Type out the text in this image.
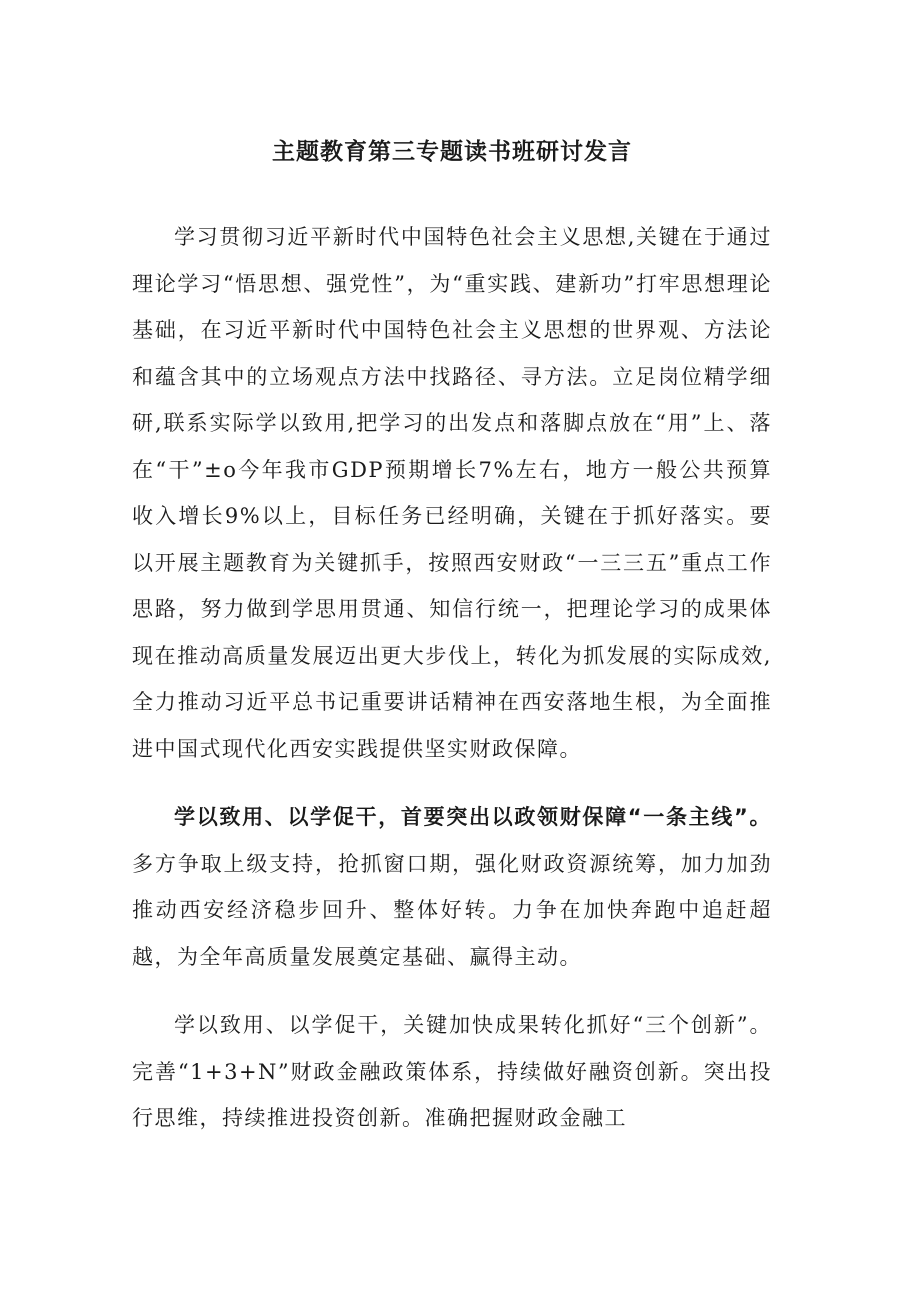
主题教育第三专题读书班研讨发言

学习贯彻习近平新时代中国特色社会主义思想,关键在于通过理论学习“悟思想、强党性”，为“重实践、建新功”打牢思想理论基础，在习近平新时代中国特色社会主义思想的世界观、方法论和蕴含其中的立场观点方法中找路径、寻方法。立足岗位精学细研,联系实际学以致用,把学习的出发点和落脚点放在“用”上、落在“干”±o今年我市GDP预期增长7%左右，地方一般公共预算收入增长9%以上，目标任务已经明确，关键在于抓好落实。要以开展主题教育为关键抓手，按照西安财政“一三三五”重点工作思路，努力做到学思用贯通、知信行统一，把理论学习的成果体现在推动高质量发展迈出更大步伐上，转化为抓发展的实际成效,全力推动习近平总书记重要讲话精神在西安落地生根，为全面推进中国式现代化西安实践提供坚实财政保障。

学以致用、以学促干，首要突出以政领财保障“一条主线”。多方争取上级支持，抢抓窗口期，强化财政资源统筹，加力加劲推动西安经济稳步回升、整体好转。力争在加快奔跑中追赶超越，为全年高质量发展奠定基础、赢得主动。

学以致用、以学促干，关键加快成果转化抓好“三个创新”。完善“1+3+N”财政金融政策体系，持续做好融资创新。突出投行思维，持续推进投资创新。准确把握财政金融工
